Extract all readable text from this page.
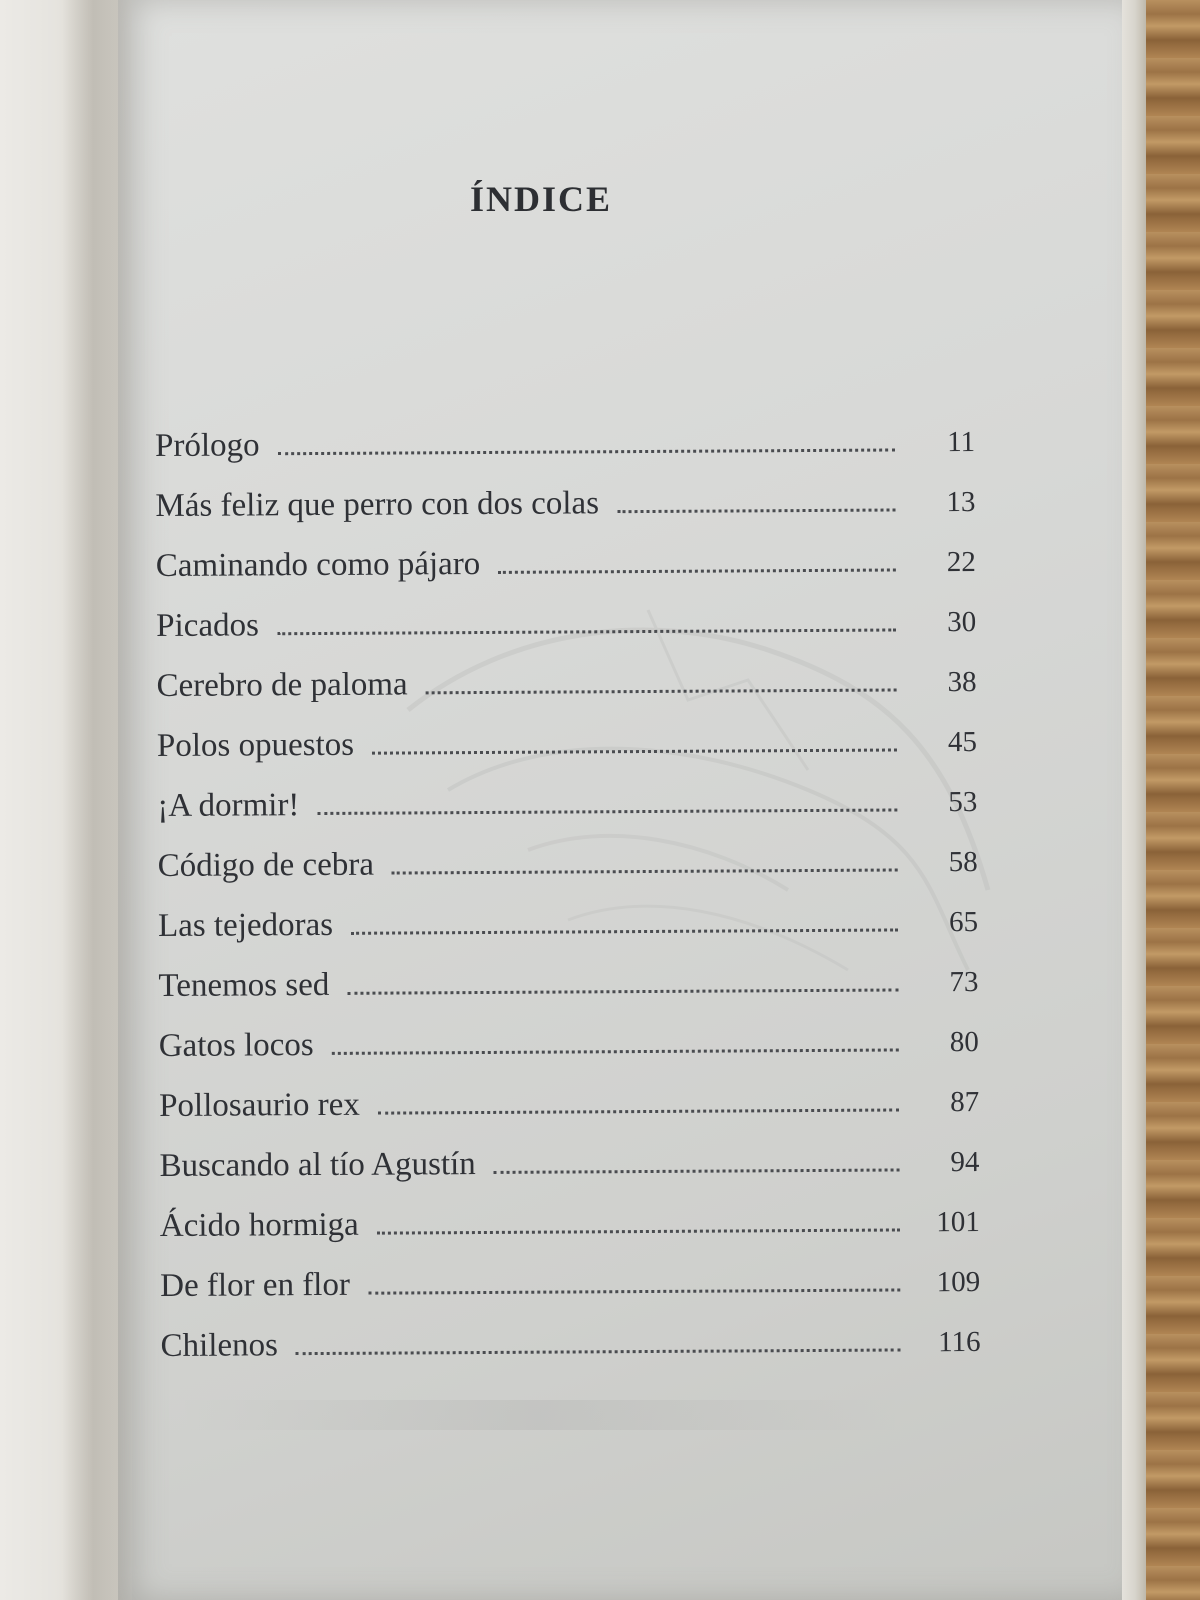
ÍNDICE
Prólogo	11
Más feliz que perro con dos colas	13
Caminando como pájaro	22
Picados	30
Cerebro de paloma	38
Polos opuestos	45
¡A dormir!	53
Código de cebra	58
Las tejedoras	65
Tenemos sed	73
Gatos locos	80
Pollosaurio rex	87
Buscando al tío Agustín	94
Ácido hormiga	101
De flor en flor	109
Chilenos	116
